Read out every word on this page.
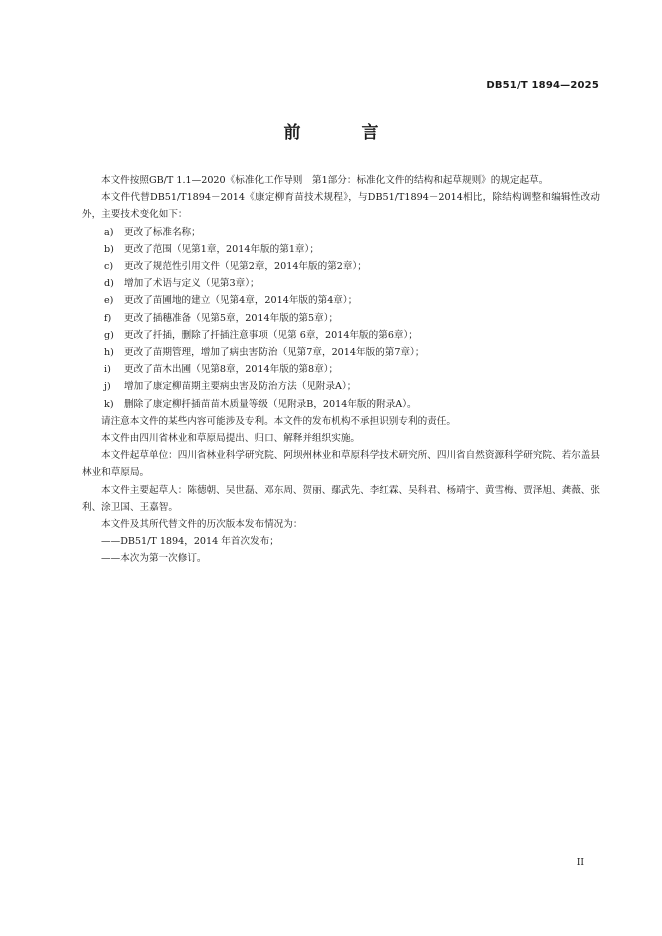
DB51/T 1894—2025
前　言

本文件按照GB/T 1.1—2020《标准化工作导则　第1部分：标准化文件的结构和起草规则》的规定起草。

本文件代替DB51/T1894－2014《康定柳育苗技术规程》，与DB51/T1894－2014相比，除结构调整和编辑性改动外，主要技术变化如下：

a)	更改了标准名称；
b)	更改了范围（见第1章，2014年版的第1章）；
c)	更改了规范性引用文件（见第2章，2014年版的第2章）；
d)	增加了术语与定义（见第3章）；
e)	更改了苗圃地的建立（见第4章，2014年版的第4章）；
f)	更改了插穗准备（见第5章，2014年版的第5章）；
g)	更改了扦插，删除了扦插注意事项（见第 6章，2014年版的第6章）；
h)	更改了苗期管理，增加了病虫害防治（见第7章，2014年版的第7章）；
i)	更改了苗木出圃（见第8章，2014年版的第8章）；
j)	增加了康定柳苗期主要病虫害及防治方法（见附录A）；
k)	删除了康定柳扦插苗苗木质量等级（见附录B，2014年版的附录A）。

请注意本文件的某些内容可能涉及专利。本文件的发布机构不承担识别专利的责任。

本文件由四川省林业和草原局提出、归口、解释并组织实施。

本文件起草单位：四川省林业科学研究院、阿坝州林业和草原科学技术研究所、四川省自然资源科学研究院、若尔盖县林业和草原局。

本文件主要起草人：陈德朝、吴世磊、邓东周、贺丽、鄢武先、李红霖、吴科君、杨靖宇、黄雪梅、贾泽旭、龚薇、张利、涂卫国、王嘉智。

本文件及其所代替文件的历次版本发布情况为：

——DB51/T 1894，2014 年首次发布；
——本次为第一次修订。
II
